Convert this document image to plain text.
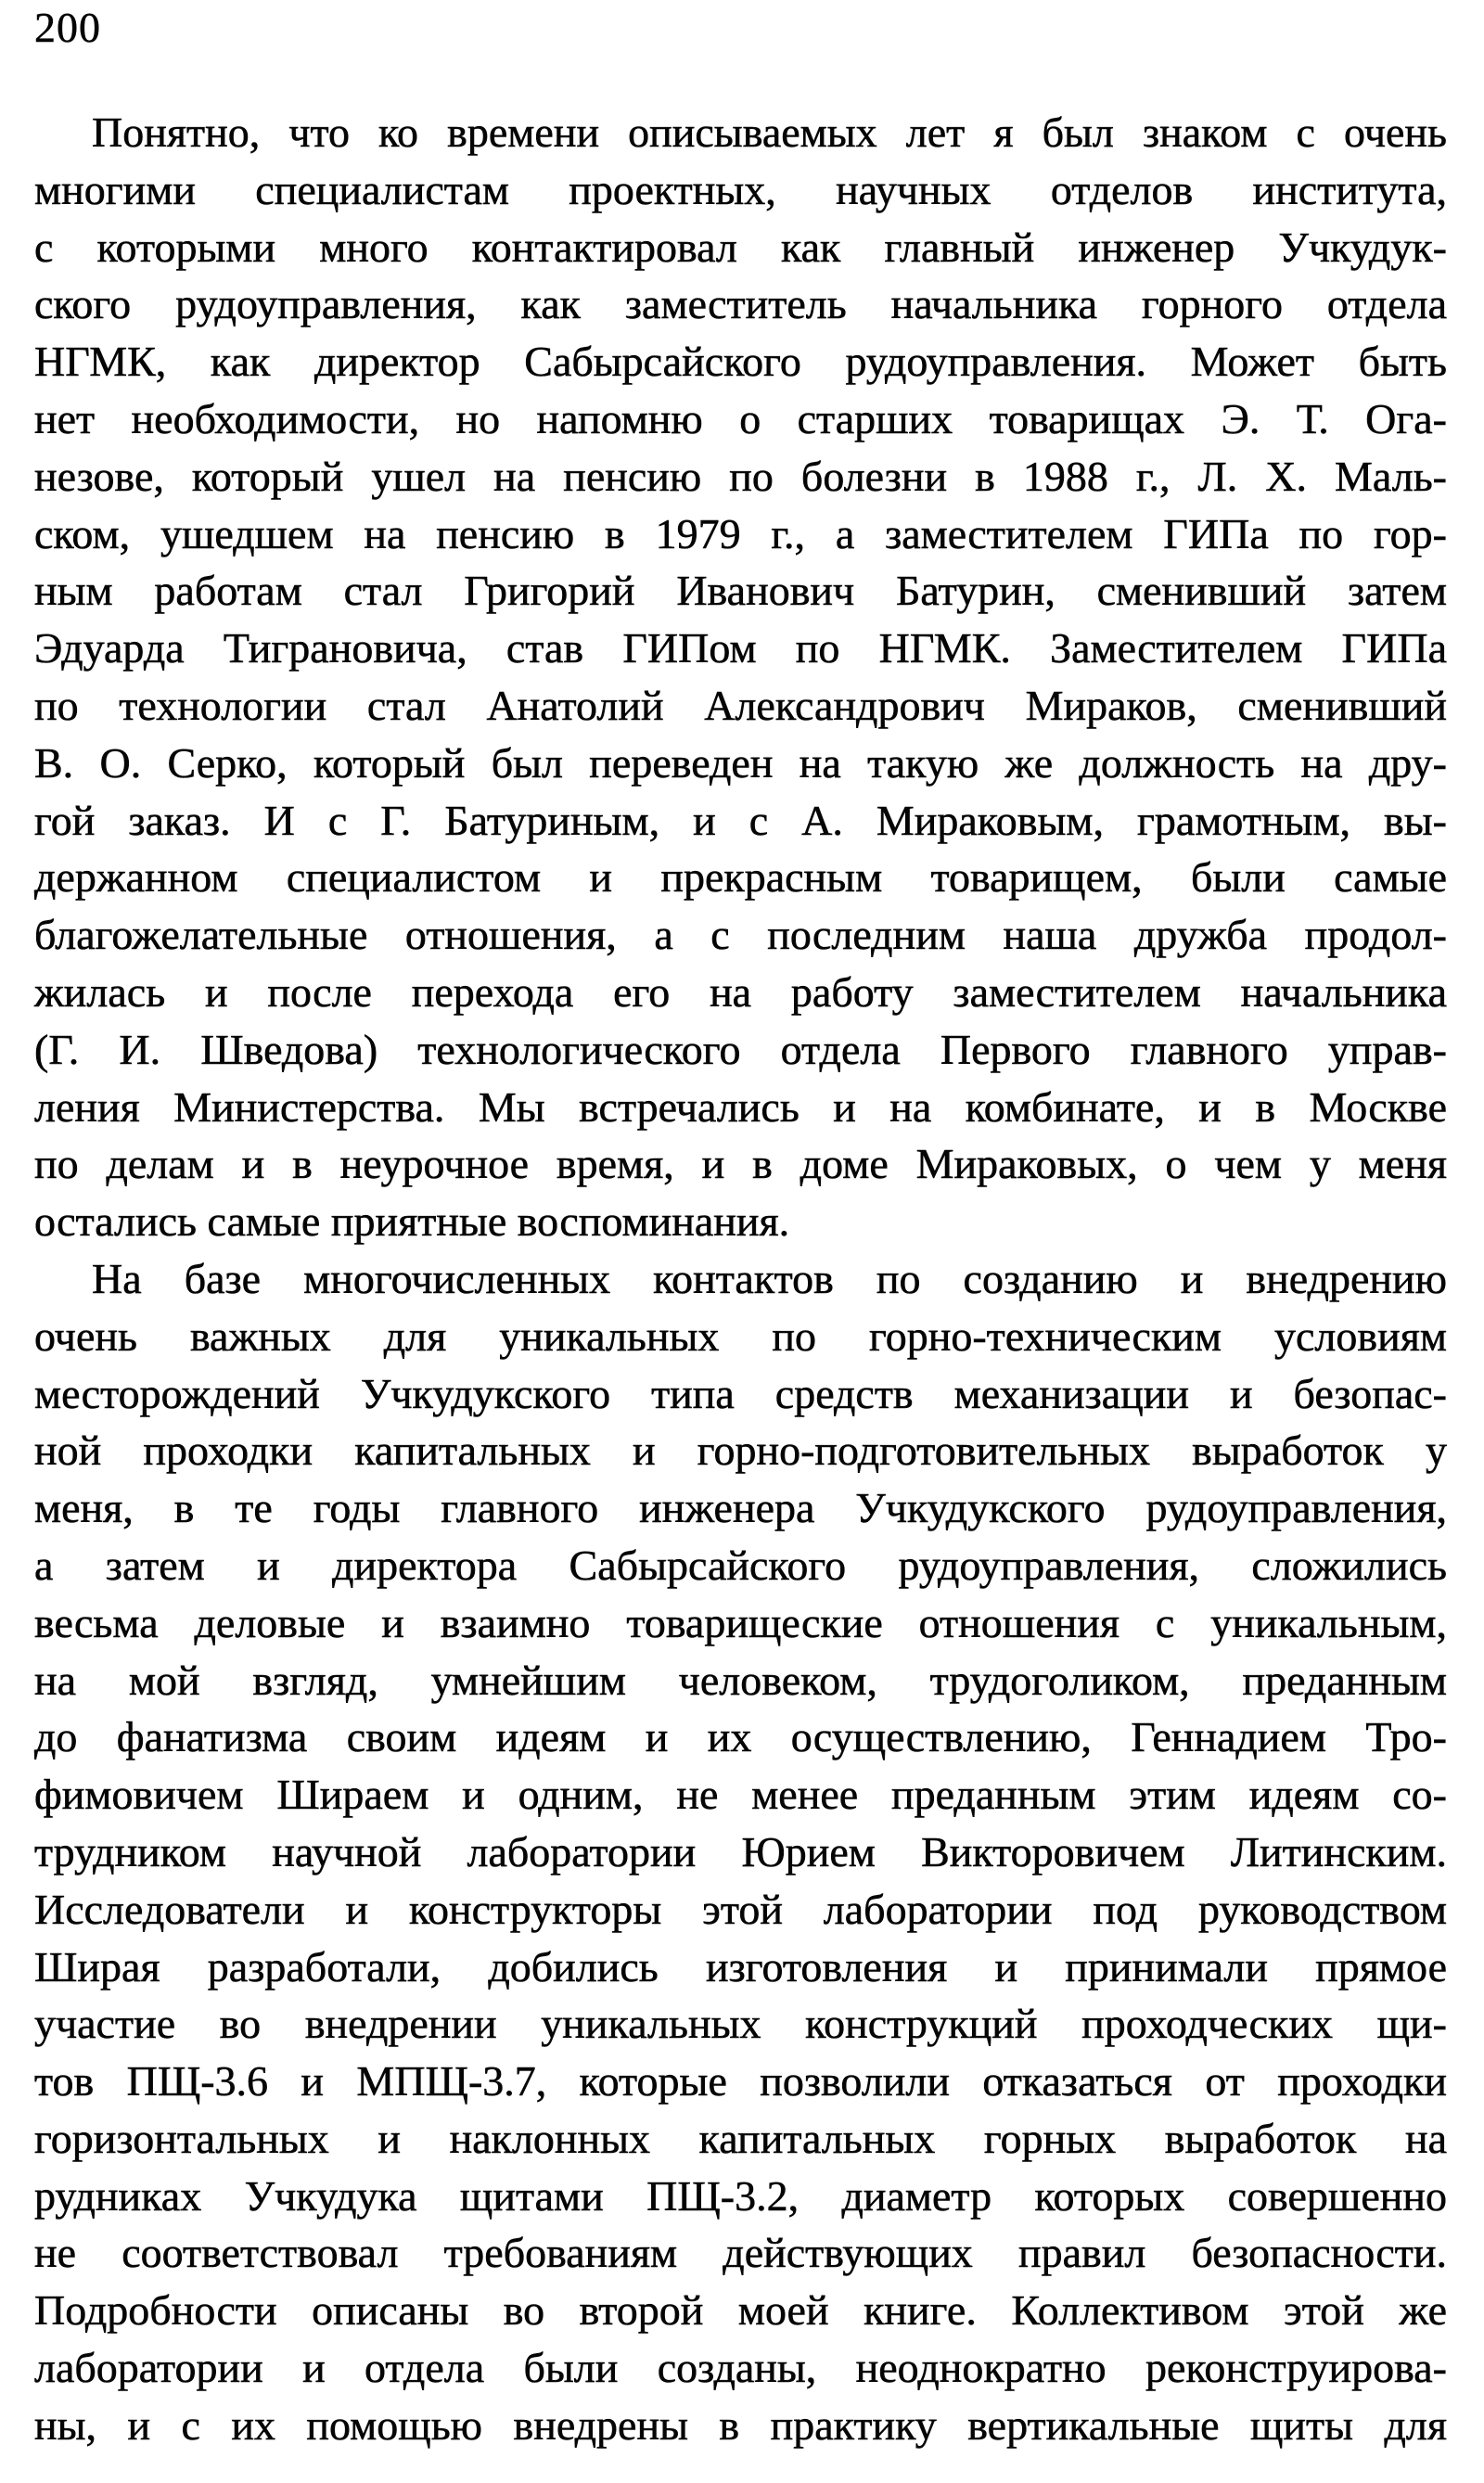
200

Понятно, что ко времени описываемых лет я был знаком с очень
многими специалистам проектных, научных отделов института,
с которыми много контактировал как главный инженер Учкудук-
ского рудоуправления, как заместитель начальника горного отдела
НГМК, как директор Сабырсайского рудоуправления. Может быть
нет необходимости, но напомню о старших товарищах Э. Т. Ога-
незове, который ушел на пенсию по болезни в 1988 г., Л. Х. Маль-
ском, ушедшем на пенсию в 1979 г., а заместителем ГИПа по гор-
ным работам стал Григорий Иванович Батурин, сменивший затем
Эдуарда Тиграновича, став ГИПом по НГМК. Заместителем ГИПа
по технологии стал Анатолий Александрович Мираков, сменивший
В. О. Серко, который был переведен на такую же должность на дру-
гой заказ. И с Г. Батуриным, и с А. Мираковым, грамотным, вы-
держанном специалистом и прекрасным товарищем, были самые
благожелательные отношения, а с последним наша дружба продол-
жилась и после перехода его на работу заместителем начальника
(Г. И. Шведова) технологического отдела Первого главного управ-
ления Министерства. Мы встречались и на комбинате, и в Москве
по делам и в неурочное время, и в доме Мираковых, о чем у меня
остались самые приятные воспоминания.

На базе многочисленных контактов по созданию и внедрению
очень важных для уникальных по горно-техническим условиям
месторождений Учкудукского типа средств механизации и безопас-
ной проходки капитальных и горно-подготовительных выработок у
меня, в те годы главного инженера Учкудукского рудоуправления,
а затем и директора Сабырсайского рудоуправления, сложились
весьма деловые и взаимно товарищеские отношения с уникальным,
на мой взгляд, умнейшим человеком, трудоголиком, преданным
до фанатизма своим идеям и их осуществлению, Геннадием Тро-
фимовичем Шираем и одним, не менее преданным этим идеям со-
трудником научной лаборатории Юрием Викторовичем Литинским.
Исследователи и конструкторы этой лаборатории под руководством
Ширая разработали, добились изготовления и принимали прямое
участие во внедрении уникальных конструкций проходческих щи-
тов ПЩ-3.6 и МПЩ-3.7, которые позволили отказаться от проходки
горизонтальных и наклонных капитальных горных выработок на
рудниках Учкудука щитами ПЩ-3.2, диаметр которых совершенно
не соответствовал требованиям действующих правил безопасности.
Подробности описаны во второй моей книге. Коллективом этой же
лаборатории и отдела были созданы, неоднократно реконструирова-
ны, и с их помощью внедрены в практику вертикальные щиты для
